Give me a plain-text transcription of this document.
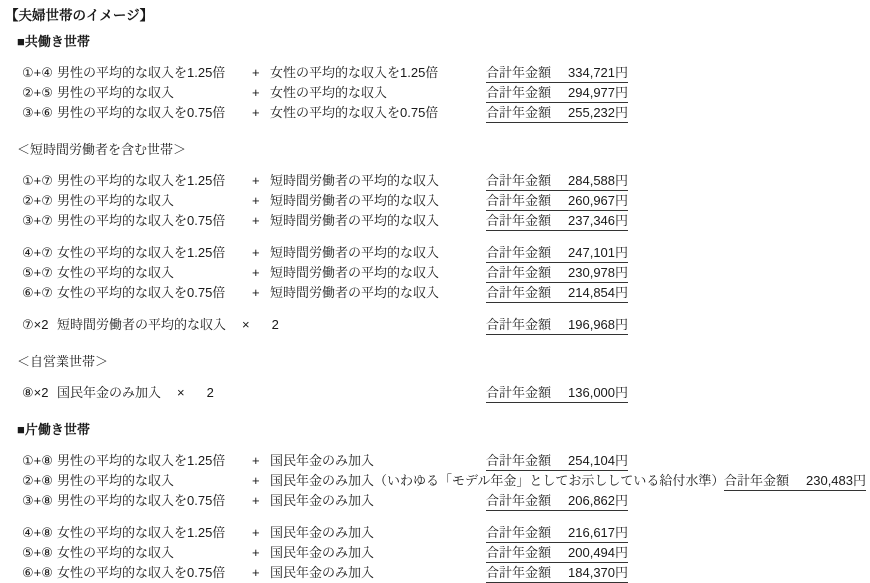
【夫婦世帯のイメージ】
■共働き世帯
①+④ 男性の平均的な収入を1.25倍	+ 女性の平均的な収入を1.25倍	合計年金額 334,721円
②+⑤ 男性の平均的な収入	+ 女性の平均的な収入	合計年金額 294,977円
③+⑥ 男性の平均的な収入を0.75倍	+ 女性の平均的な収入を0.75倍	合計年金額 255,232円
＜短時間労働者を含む世帯＞
①+⑦ 男性の平均的な収入を1.25倍	+ 短時間労働者の平均的な収入	合計年金額 284,588円
②+⑦ 男性の平均的な収入	+ 短時間労働者の平均的な収入	合計年金額 260,967円
③+⑦ 男性の平均的な収入を0.75倍	+ 短時間労働者の平均的な収入	合計年金額 237,346円
④+⑦ 女性の平均的な収入を1.25倍	+ 短時間労働者の平均的な収入	合計年金額 247,101円
⑤+⑦ 女性の平均的な収入	+ 短時間労働者の平均的な収入	合計年金額 230,978円
⑥+⑦ 女性の平均的な収入を0.75倍	+ 短時間労働者の平均的な収入	合計年金額 214,854円
⑦×2 短時間労働者の平均的な収入 × 2	合計年金額 196,968円
＜自営業世帯＞
⑧×2 国民年金のみ加入 × 2	合計年金額 136,000円
■片働き世帯
①+⑧ 男性の平均的な収入を1.25倍	+ 国民年金のみ加入	合計年金額 254,104円
②+⑧ 男性の平均的な収入	+ 国民年金のみ加入（いわゆる「モデル年金」としてお示ししている給付水準） 合計年金額 230,483円
③+⑧ 男性の平均的な収入を0.75倍	+ 国民年金のみ加入	合計年金額 206,862円
④+⑧ 女性の平均的な収入を1.25倍	+ 国民年金のみ加入	合計年金額 216,617円
⑤+⑧ 女性の平均的な収入	+ 国民年金のみ加入	合計年金額 200,494円
⑥+⑧ 女性の平均的な収入を0.75倍	+ 国民年金のみ加入	合計年金額 184,370円
